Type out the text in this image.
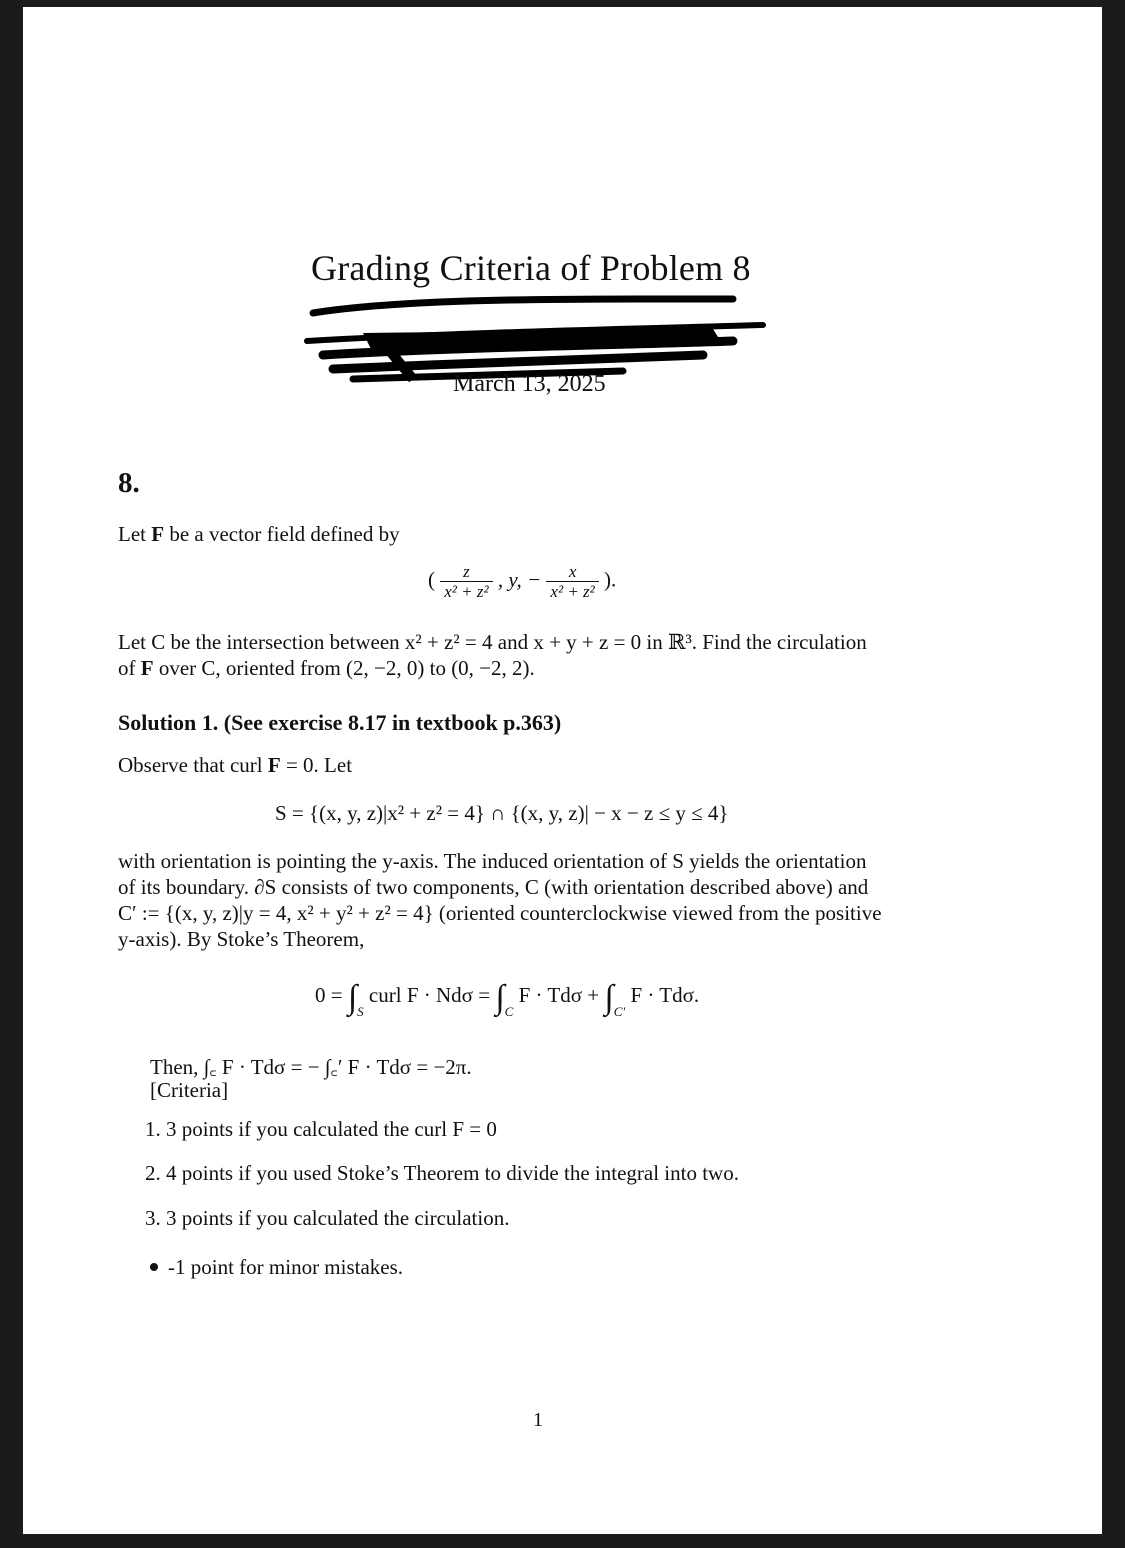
Grading Criteria of Problem 8
March 13, 2025
8.
Let F be a vector field defined by
( $\frac{z}{\text{x² + z²}}$ , y, − $\frac{x}{\text{x² + z²}}$ ).
Let C be the intersection between x² + z² = 4 and x + y + z = 0 in ℝ³. Find the circulation
of F over C, oriented from (2, −2, 0) to (0, −2, 2).
Solution 1. (See exercise 8.17 in textbook p.363)
Observe that curl F = 0. Let
S = {(x, y, z)|x² + z² = 4} ∩ {(x, y, z)| − x − z ≤ y ≤ 4}
with orientation is pointing the y-axis. The induced orientation of S yields the orientation
of its boundary. ∂S consists of two components, C (with orientation described above) and
C′ := {(x, y, z)|y = 4, x² + y² + z² = 4} (oriented counterclockwise viewed from the positive
y-axis). By Stoke’s Theorem,
$0 = \int_S$ curl $F \cdot Nd\sigma = \int_C$ $F \cdot Td\sigma + \int_{C'}$ F · Tdσ.
Then, ∫꜀ F · Tdσ = − ∫꜀′ F · Tdσ = −2π.
[Criteria]
1. 3 points if you calculated the curl F = 0
2. 4 points if you used Stoke’s Theorem to divide the integral into two.
3. 3 points if you calculated the circulation.
-1 point for minor mistakes.
1
